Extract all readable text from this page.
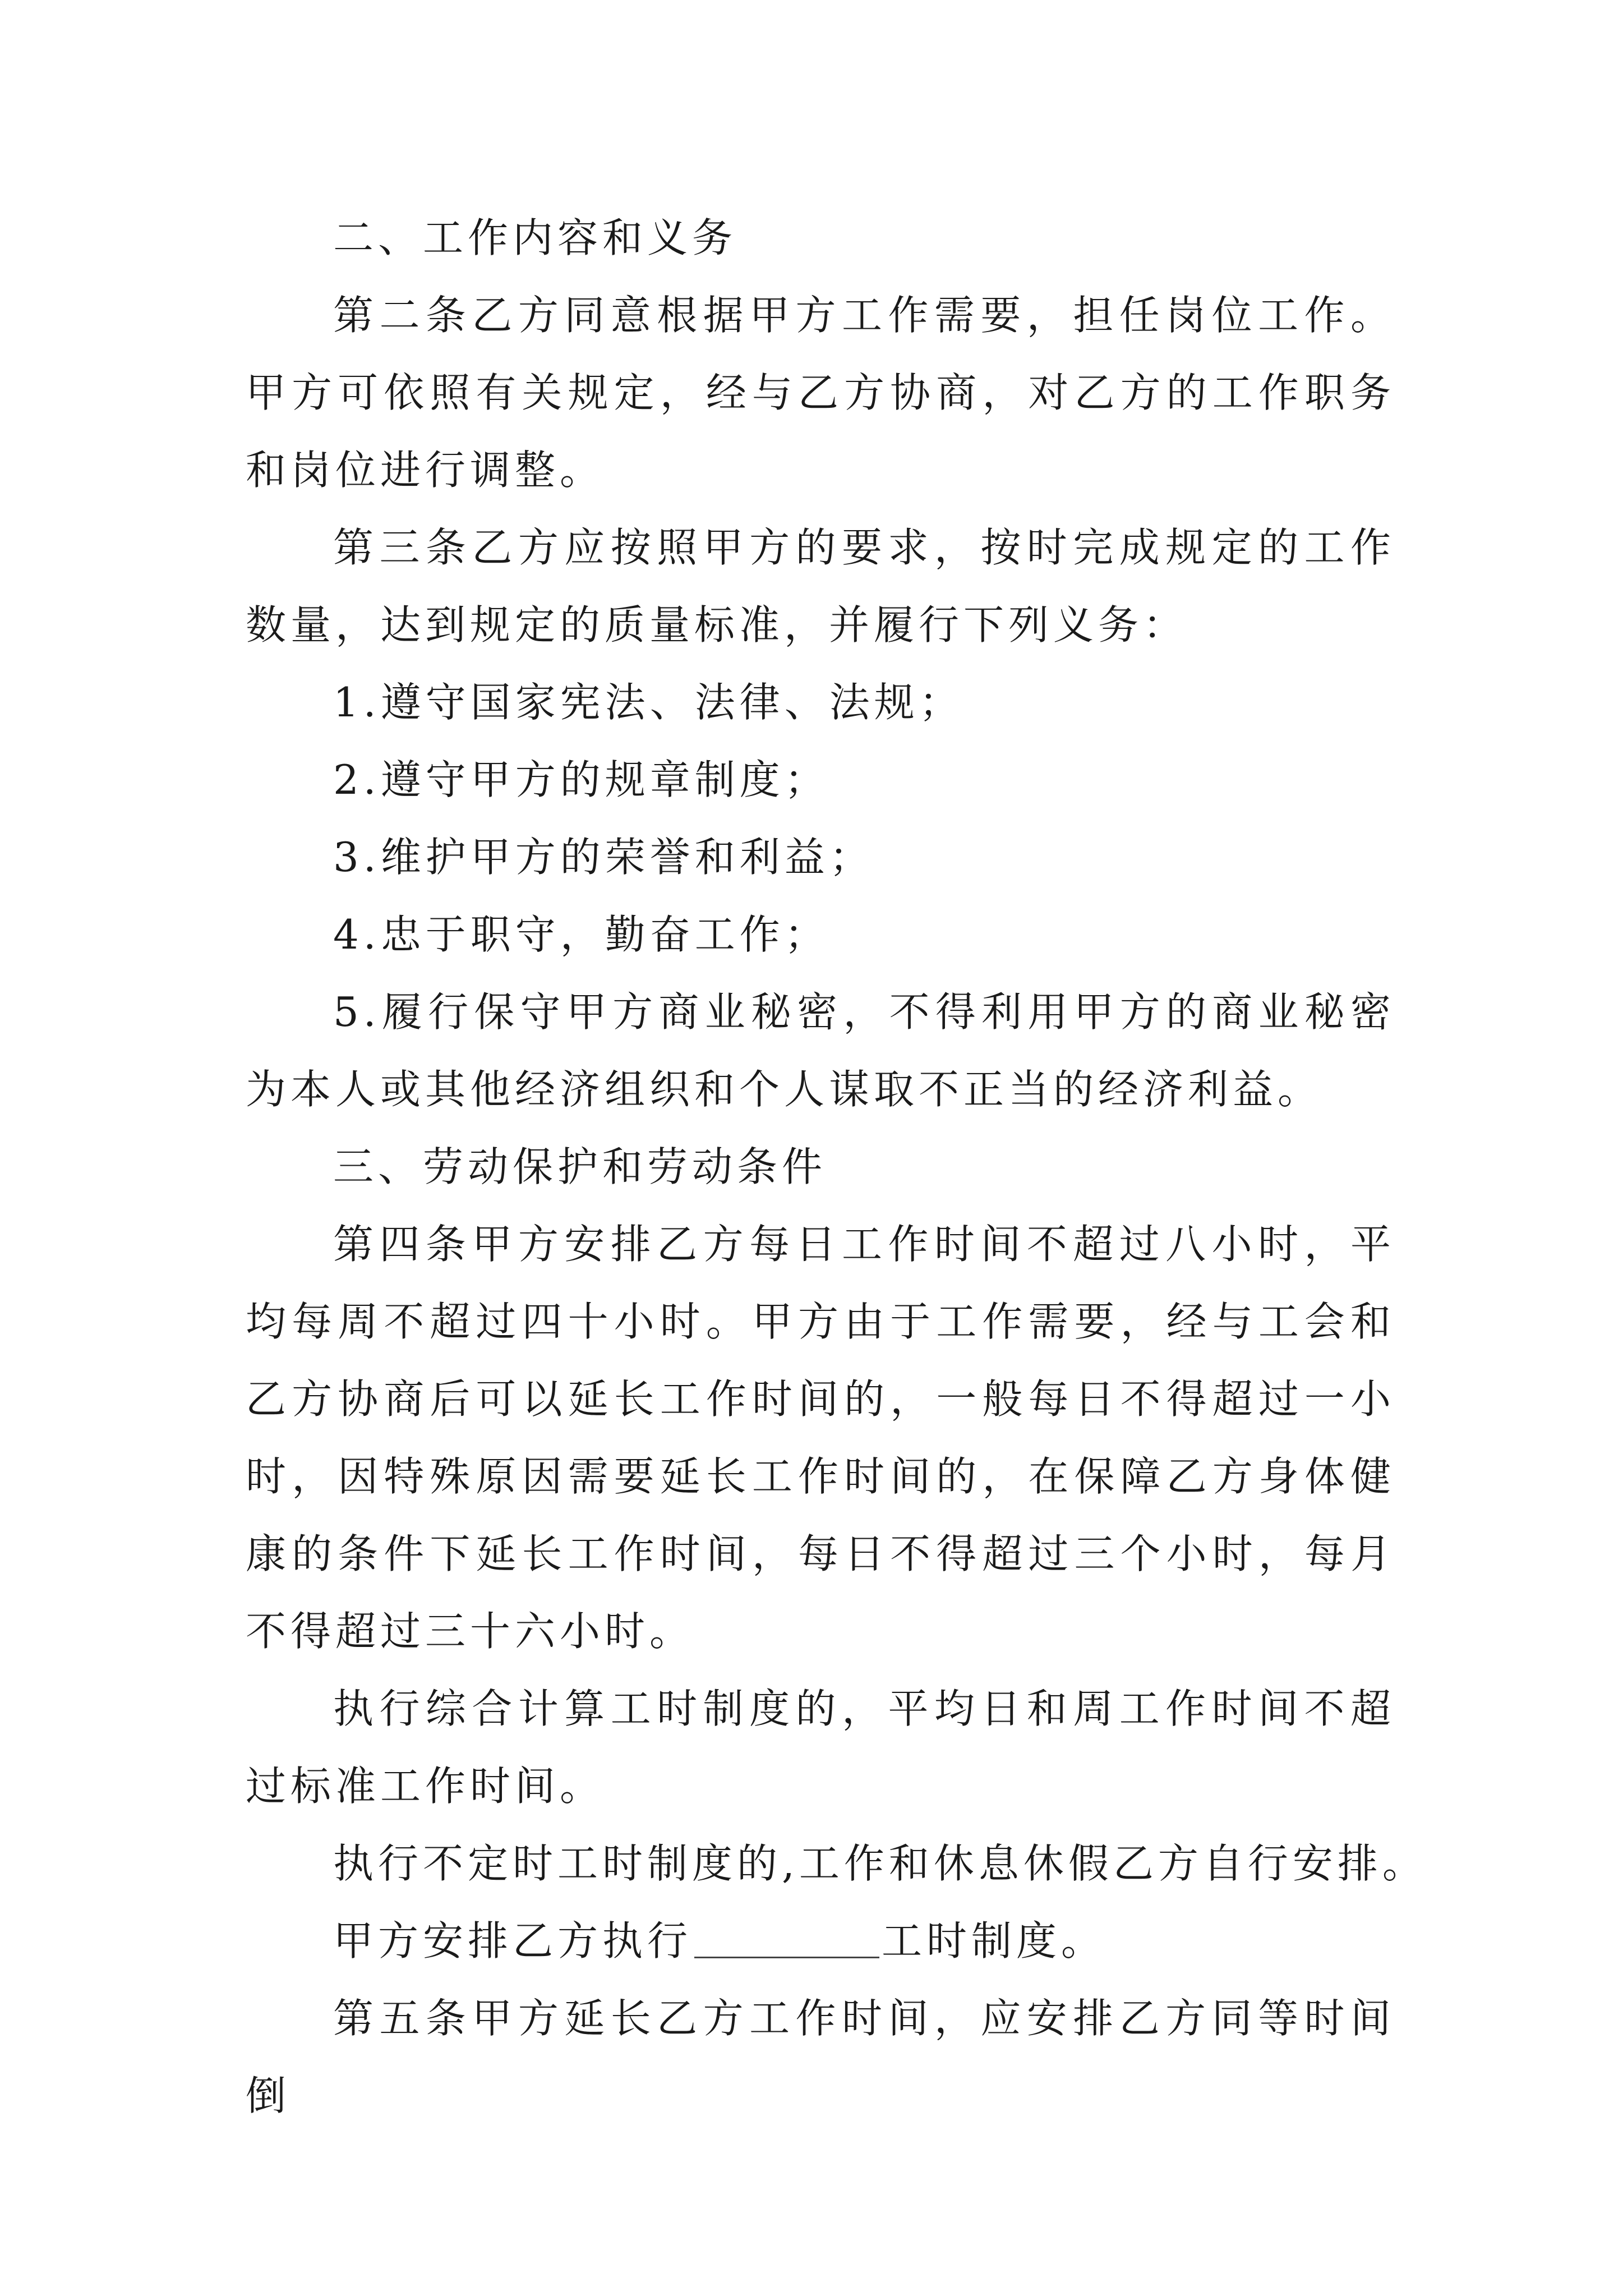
二、工作内容和义务

第二条乙方同意根据甲方工作需要，担任岗位工作。甲方可依照有关规定，经与乙方协商，对乙方的工作职务和岗位进行调整。

第三条乙方应按照甲方的要求，按时完成规定的工作数量，达到规定的质量标准，并履行下列义务：

1.遵守国家宪法、法律、法规；

2.遵守甲方的规章制度；

3.维护甲方的荣誉和利益；

4.忠于职守，勤奋工作；

5.履行保守甲方商业秘密，不得利用甲方的商业秘密为本人或其他经济组织和个人谋取不正当的经济利益。

三、劳动保护和劳动条件

第四条甲方安排乙方每日工作时间不超过八小时，平均每周不超过四十小时。甲方由于工作需要，经与工会和乙方协商后可以延长工作时间的，一般每日不得超过一小时，因特殊原因需要延长工作时间的，在保障乙方身体健康的条件下延长工作时间，每日不得超过三个小时，每月不得超过三十六小时。

执行综合计算工时制度的，平均日和周工作时间不超过标准工作时间。

执行不定时工时制度的,工作和休息休假乙方自行安排。

甲方安排乙方执行	工时制度。

第五条甲方延长乙方工作时间，应安排乙方同等时间倒
